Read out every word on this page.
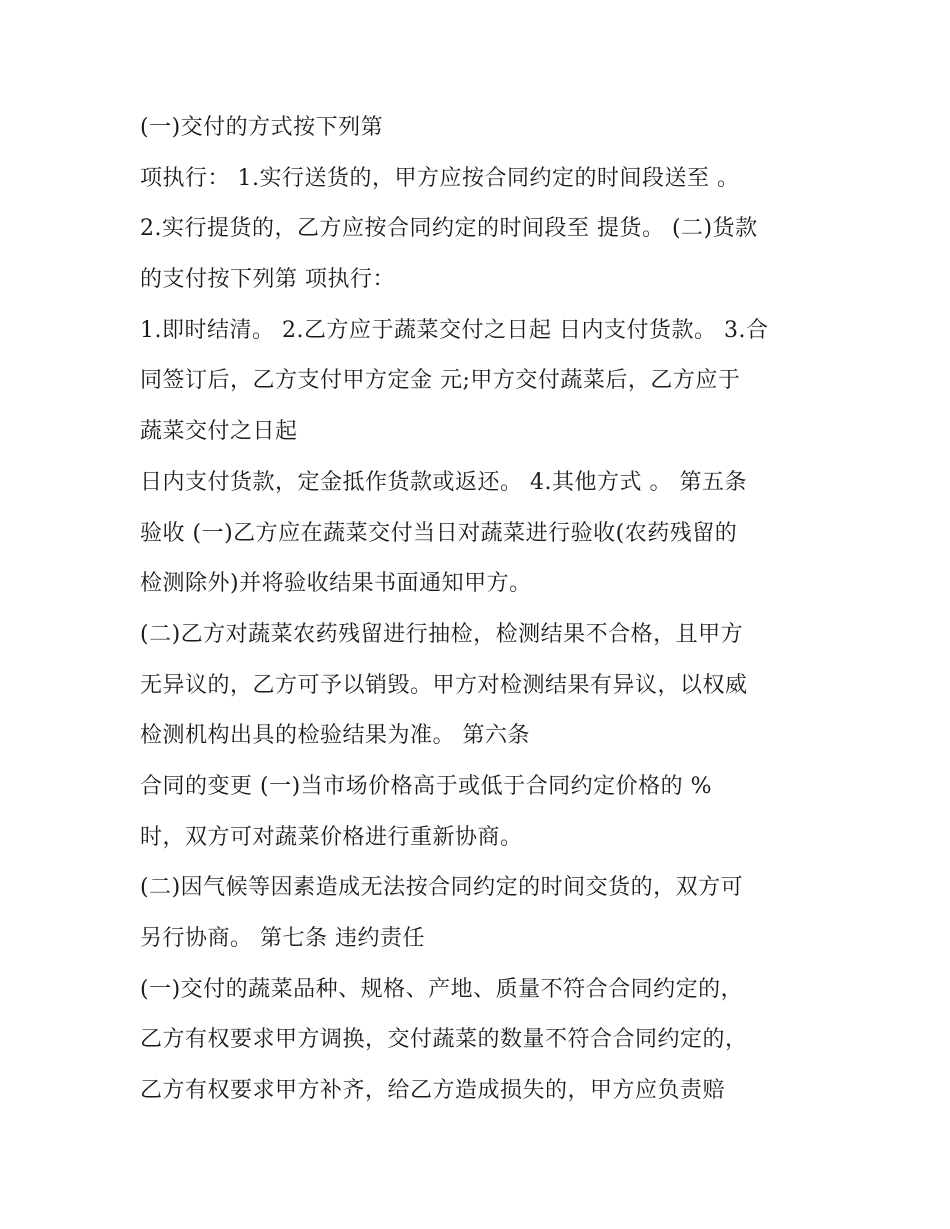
(一)交付的方式按下列第
项执行： 1.实行送货的，甲方应按合同约定的时间段送至 。
2.实行提货的，乙方应按合同约定的时间段至 提货。 (二)货款
的支付按下列第 项执行：
1.即时结清。 2.乙方应于蔬菜交付之日起 日内支付货款。 3.合
同签订后，乙方支付甲方定金 元;甲方交付蔬菜后，乙方应于
蔬菜交付之日起
日内支付货款，定金抵作货款或返还。 4.其他方式 。 第五条
验收 (一)乙方应在蔬菜交付当日对蔬菜进行验收(农药残留的
检测除外)并将验收结果书面通知甲方。
(二)乙方对蔬菜农药残留进行抽检，检测结果不合格，且甲方
无异议的，乙方可予以销毁。甲方对检测结果有异议，以权威
检测机构出具的检验结果为准。 第六条
合同的变更 (一)当市场价格高于或低于合同约定价格的 %
时，双方可对蔬菜价格进行重新协商。
(二)因气候等因素造成无法按合同约定的时间交货的，双方可
另行协商。 第七条 违约责任
(一)交付的蔬菜品种、规格、产地、质量不符合合同约定的，
乙方有权要求甲方调换，交付蔬菜的数量不符合合同约定的，
乙方有权要求甲方补齐，给乙方造成损失的，甲方应负责赔
